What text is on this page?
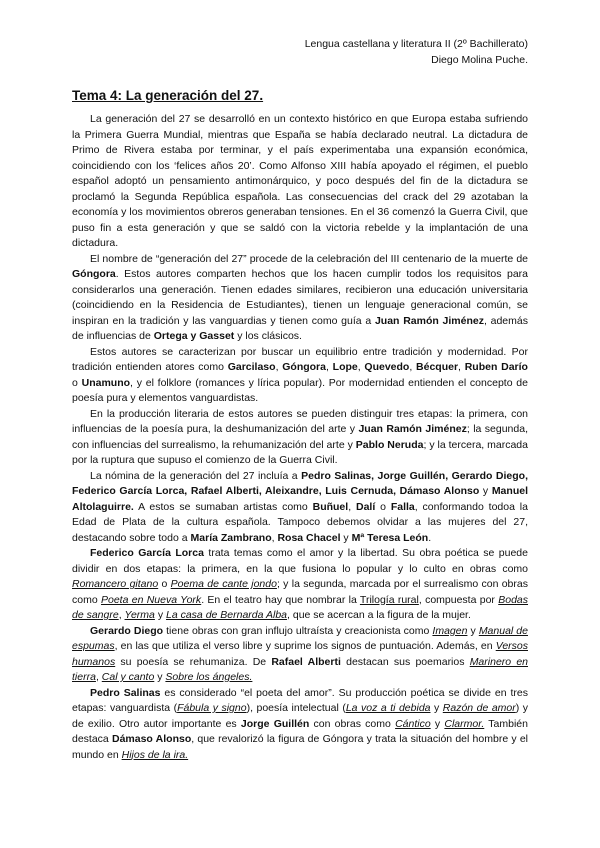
Lengua castellana y literatura II (2º Bachillerato)
Diego Molina Puche.
Tema 4: La generación del 27.

La generación del 27 se desarrolló en un contexto histórico en que Europa estaba sufriendo la Primera Guerra Mundial, mientras que España se había declarado neutral. La dictadura de Primo de Rivera estaba por terminar, y el país experimentaba una expansión económica, coincidiendo con los ‘felices años 20’. Como Alfonso XIII había apoyado el régimen, el pueblo español adoptó un pensamiento antimonárquico, y poco después del fin de la dictadura se proclamó la Segunda República española. Las consecuencias del crack del 29 azotaban la economía y los movimientos obreros generaban tensiones. En el 36 comenzó la Guerra Civil, que puso fin a esta generación y que se saldó con la victoria rebelde y la implantación de una dictadura.

El nombre de “generación del 27” procede de la celebración del III centenario de la muerte de Góngora. Estos autores comparten hechos que los hacen cumplir todos los requisitos para considerarlos una generación. Tienen edades similares, recibieron una educación universitaria (coincidiendo en la Residencia de Estudiantes), tienen un lenguaje generacional común, se inspiran en la tradición y las vanguardias y tienen como guía a Juan Ramón Jiménez, además de influencias de Ortega y Gasset y los clásicos.

Estos autores se caracterizan por buscar un equilibrio entre tradición y modernidad. Por tradición entienden atores como Garcilaso, Góngora, Lope, Quevedo, Bécquer, Ruben Darío o Unamuno, y el folklore (romances y lírica popular). Por modernidad entienden el concepto de poesía pura y elementos vanguardistas.

En la producción literaria de estos autores se pueden distinguir tres etapas: la primera, con influencias de la poesía pura, la deshumanización del arte y Juan Ramón Jiménez; la segunda, con influencias del surrealismo, la rehumanización del arte y Pablo Neruda; y la tercera, marcada por la ruptura que supuso el comienzo de la Guerra Civil.

La nómina de la generación del 27 incluía a Pedro Salinas, Jorge Guillén, Gerardo Diego, Federico García Lorca, Rafael Alberti, Aleixandre, Luis Cernuda, Dámaso Alonso y Manuel Altolaguirre. A estos se sumaban artistas como Buñuel, Dalí o Falla, conformando todoa la Edad de Plata de la cultura española. Tampoco debemos olvidar a las mujeres del 27, destacando sobre todo a María Zambrano, Rosa Chacel y Mª Teresa León.

Federico García Lorca trata temas como el amor y la libertad. Su obra poética se puede dividir en dos etapas: la primera, en la que fusiona lo popular y lo culto en obras como Romancero gitano o Poema de cante jondo; y la segunda, marcada por el surrealismo con obras como Poeta en Nueva York. En el teatro hay que nombrar la Trilogía rural, compuesta por Bodas de sangre, Yerma y La casa de Bernarda Alba, que se acercan a la figura de la mujer.

Gerardo Diego tiene obras con gran influjo ultraísta y creacionista como Imagen y Manual de espumas, en las que utiliza el verso libre y suprime los signos de puntuación. Además, en Versos humanos su poesía se rehumaniza. De Rafael Alberti destacan sus poemarios Marinero en tierra, Cal y canto y Sobre los ángeles.

Pedro Salinas es considerado “el poeta del amor”. Su producción poética se divide en tres etapas: vanguardista (Fábula y signo), poesía intelectual (La voz a ti debida y Razón de amor) y de exilio. Otro autor importante es Jorge Guillén con obras como Cántico y Clarmor. También destaca Dámaso Alonso, que revalorizó la figura de Góngora y trata la situación del hombre y el mundo en Hijos de la ira.
